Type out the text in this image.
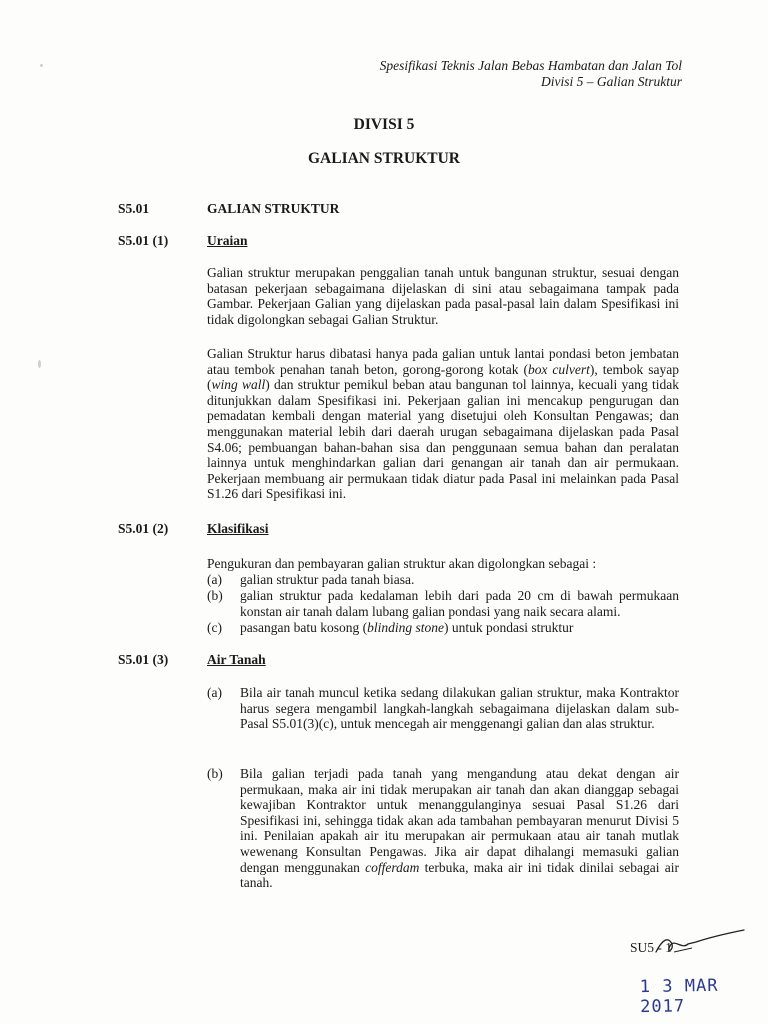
Spesifikasi Teknis Jalan Bebas Hambatan dan Jalan Tol
Divisi 5 – Galian Struktur
DIVISI 5
GALIAN STRUKTUR
S5.01	GALIAN STRUKTUR
S5.01 (1)	Uraian
Galian struktur merupakan penggalian tanah untuk bangunan struktur, sesuai dengan batasan pekerjaan sebagaimana dijelaskan di sini atau sebagaimana tampak pada Gambar. Pekerjaan Galian yang dijelaskan pada pasal-pasal lain dalam Spesifikasi ini tidak digolongkan sebagai Galian Struktur.
Galian Struktur harus dibatasi hanya pada galian untuk lantai pondasi beton jembatan atau tembok penahan tanah beton, gorong-gorong kotak (box culvert), tembok sayap (wing wall) dan struktur pemikul beban atau bangunan tol lainnya, kecuali yang tidak ditunjukkan dalam Spesifikasi ini. Pekerjaan galian ini mencakup pengurugan dan pemadatan kembali dengan material yang disetujui oleh Konsultan Pengawas; dan menggunakan material lebih dari daerah urugan sebagaimana dijelaskan pada Pasal S4.06; pembuangan bahan-bahan sisa dan penggunaan semua bahan dan peralatan lainnya untuk menghindarkan galian dari genangan air tanah dan air permukaan. Pekerjaan membuang air permukaan tidak diatur pada Pasal ini melainkan pada Pasal S1.26 dari Spesifikasi ini.
S5.01 (2)	Klasifikasi
Pengukuran dan pembayaran galian struktur akan digolongkan sebagai :
(a) galian struktur pada tanah biasa.
(b) galian struktur pada kedalaman lebih dari pada 20 cm di bawah permukaan konstan air tanah dalam lubang galian pondasi yang naik secara alami.
(c) pasangan batu kosong (blinding stone) untuk pondasi struktur
S5.01 (3)	Air Tanah
(a) Bila air tanah muncul ketika sedang dilakukan galian struktur, maka Kontraktor harus segera mengambil langkah-langkah sebagaimana dijelaskan dalam sub-Pasal S5.01(3)(c), untuk mencegah air menggenangi galian dan alas struktur.
(b) Bila galian terjadi pada tanah yang mengandung atau dekat dengan air permukaan, maka air ini tidak merupakan air tanah dan akan dianggap sebagai kewajiban Kontraktor untuk menanggulanginya sesuai Pasal S1.26 dari Spesifikasi ini, sehingga tidak akan ada tambahan pembayaran menurut Divisi 5 ini. Penilaian apakah air itu merupakan air permukaan atau air tanah mutlak wewenang Konsultan Pengawas. Jika air dapat dihalangi memasuki galian dengan menggunakan cofferdam terbuka, maka air ini tidak dinilai sebagai air tanah.
SU5 - 1
1 3 MAR 2017
